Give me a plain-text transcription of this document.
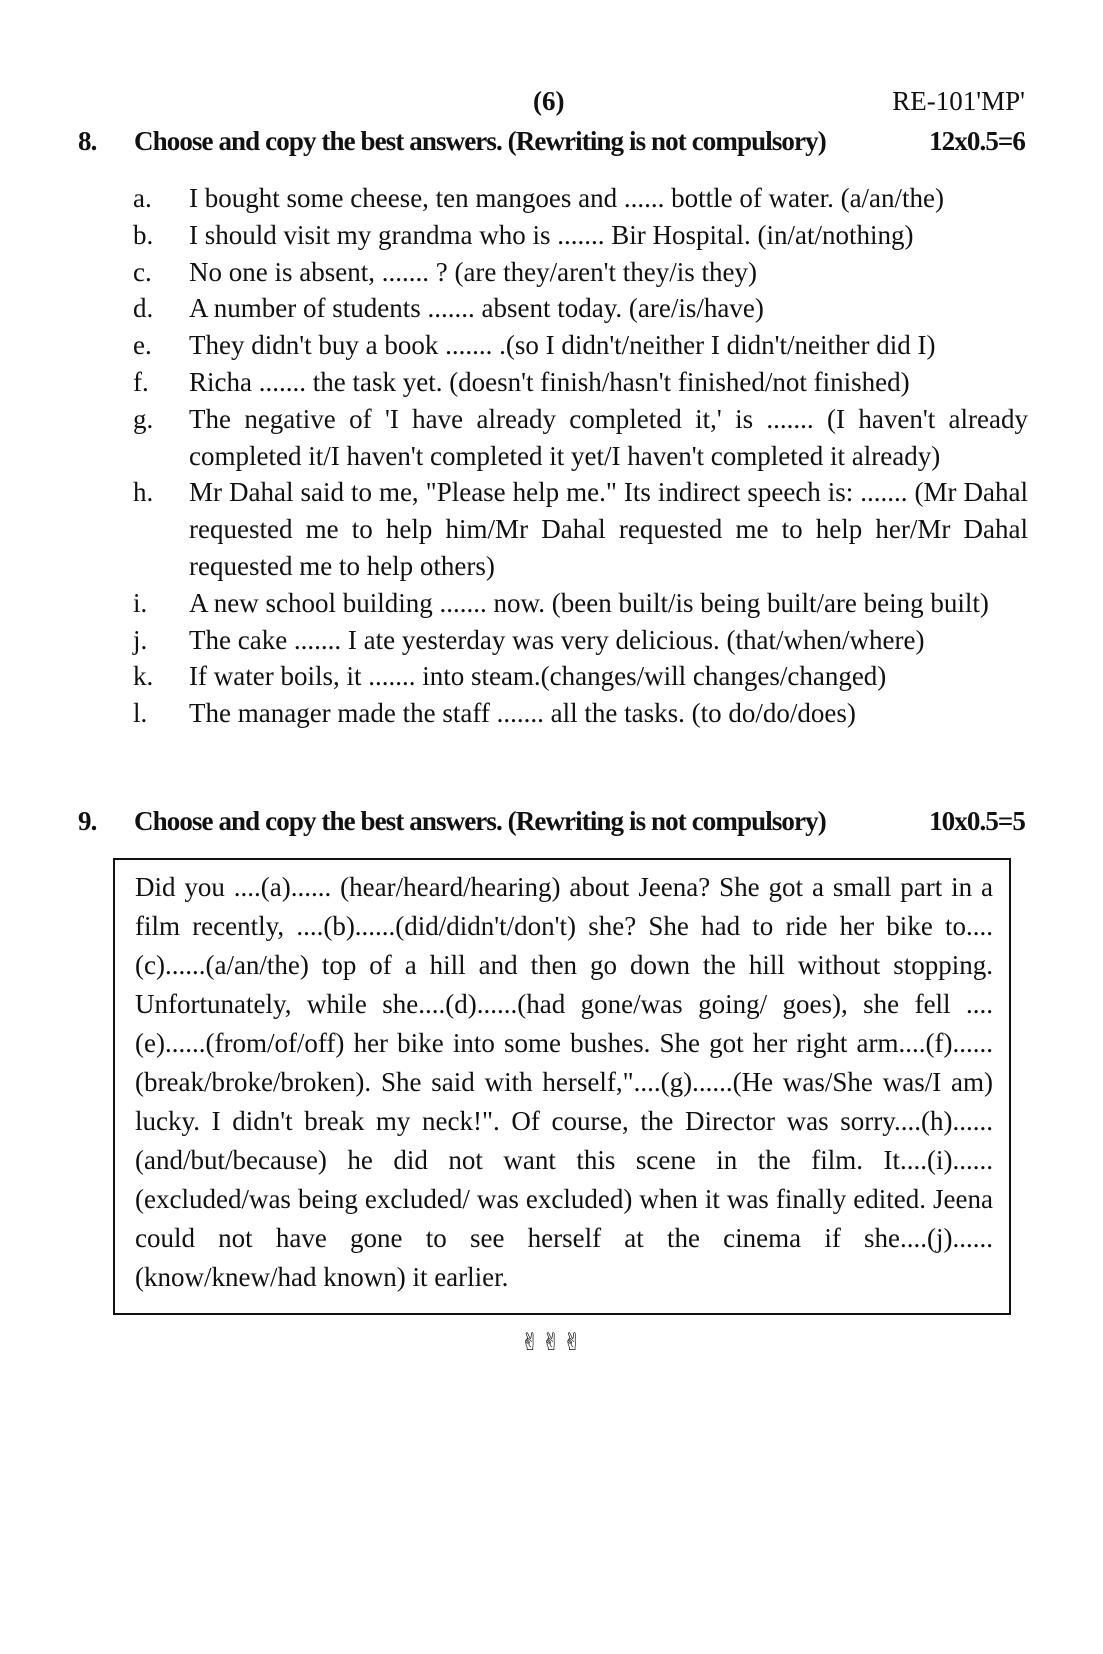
(6)	RE-101'MP'
8. Choose and copy the best answers. (Rewriting is not compulsory)	12x0.5=6
a. I bought some cheese, ten mangoes and ...... bottle of water. (a/an/the)
b. I should visit my grandma who is ....... Bir Hospital. (in/at/nothing)
c. No one is absent, ....... ? (are they/aren't they/is they)
d. A number of students ....... absent today. (are/is/have)
e. They didn't buy a book ....... .(so I didn't/neither I didn't/neither did I)
f. Richa ....... the task yet. (doesn't finish/hasn't finished/not finished)
g. The negative of 'I have already completed it,' is ....... (I haven't already completed it/I haven't completed it yet/I haven't completed it already)
h. Mr Dahal said to me, "Please help me." Its indirect speech is: ....... (Mr Dahal requested me to help him/Mr Dahal requested me to help her/Mr Dahal requested me to help others)
i. A new school building ....... now. (been built/is being built/are being built)
j. The cake ....... I ate yesterday was very delicious. (that/when/where)
k. If water boils, it ....... into steam.(changes/will changes/changed)
l. The manager made the staff ....... all the tasks. (to do/do/does)
9. Choose and copy the best answers. (Rewriting is not compulsory)	10x0.5=5

Did you ....(a)...... (hear/heard/hearing) about Jeena? She got a small part in a film recently, ....(b)......(did/didn't/don't) she? She had to ride her bike to....(c)......(a/an/the) top of a hill and then go down the hill without stopping. Unfortunately, while she....(d)......(had gone/was going/ goes), she fell ....(e)......(from/of/off) her bike into some bushes. She got her right arm....(f)......(break/broke/broken). She said with herself,"....(g)......(He was/She was/I am) lucky. I didn't break my neck!". Of course, the Director was sorry....(h)......(and/but/because) he did not want this scene in the film. It....(i)......(excluded/was being excluded/ was excluded) when it was finally edited. Jeena could not have gone to see herself at the cinema if she....(j)......(know/knew/had known) it earlier.

✌✌✌
